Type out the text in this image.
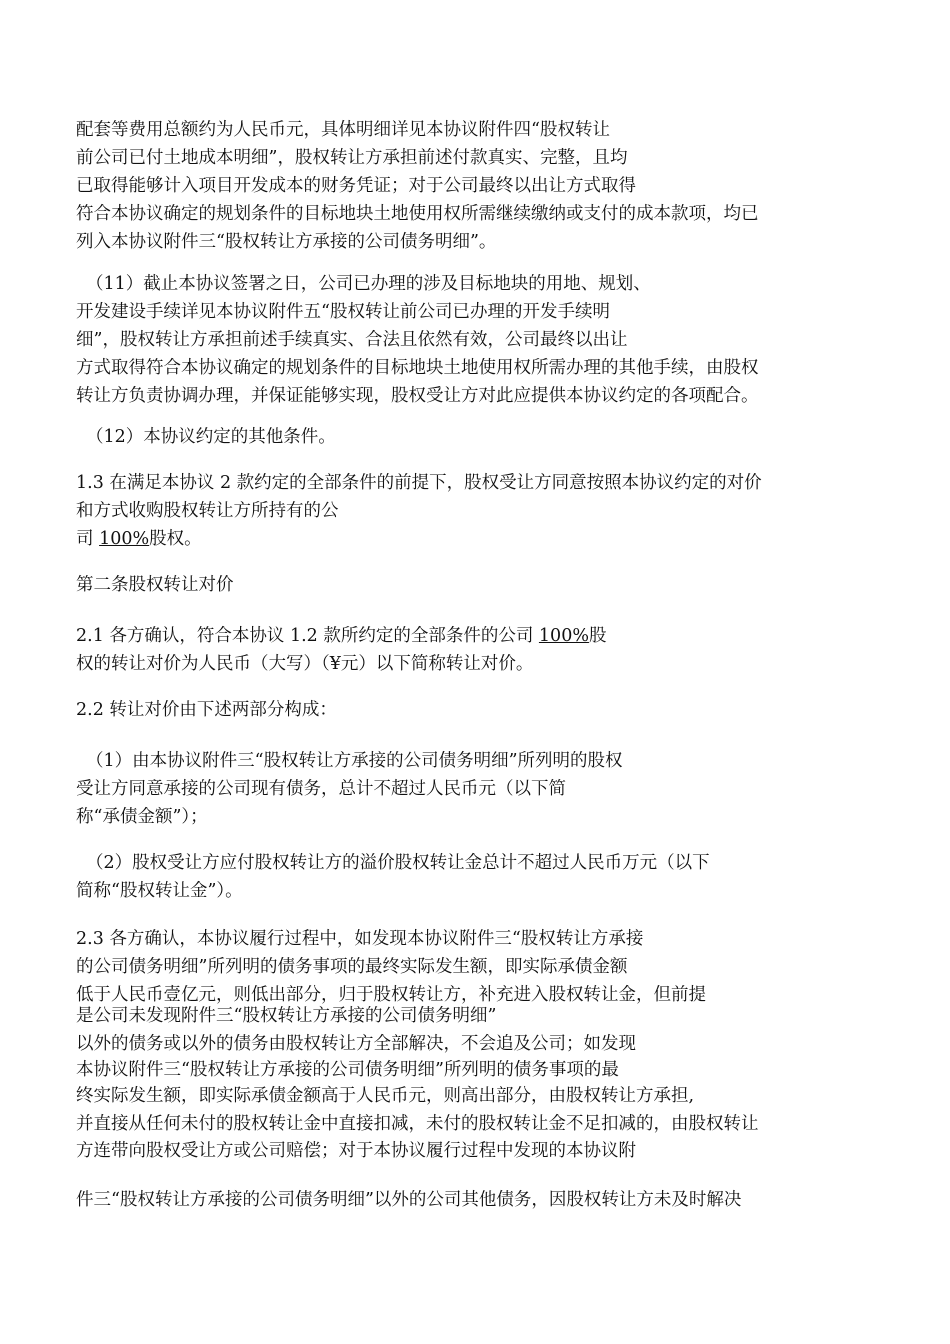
配套等费用总额约为人民币元，具体明细详见本协议附件四“股权转让
前公司已付土地成本明细”，股权转让方承担前述付款真实、完整，且均
已取得能够计入项目开发成本的财务凭证；对于公司最终以出让方式取得
符合本协议确定的规划条件的目标地块土地使用权所需继续缴纳或支付的成本款项，均已
列入本协议附件三“股权转让方承接的公司债务明细”。
（11）截止本协议签署之日，公司已办理的涉及目标地块的用地、规划、
开发建设手续详见本协议附件五“股权转让前公司已办理的开发手续明
细”，股权转让方承担前述手续真实、合法且依然有效，公司最终以出让
方式取得符合本协议确定的规划条件的目标地块土地使用权所需办理的其他手续，由股权
转让方负责协调办理，并保证能够实现，股权受让方对此应提供本协议约定的各项配合。
（12）本协议约定的其他条件。
1.3 在满足本协议 2 款约定的全部条件的前提下，股权受让方同意按照本协议约定的对价
和方式收购股权转让方所持有的公
司 100%股权。
第二条股权转让对价
2.1 各方确认，符合本协议 1.2 款所约定的全部条件的公司 100%股
权的转让对价为人民币（大写）（¥元）以下简称转让对价。
2.2 转让对价由下述两部分构成：
（1）由本协议附件三“股权转让方承接的公司债务明细”所列明的股权
受让方同意承接的公司现有债务，总计不超过人民币元（以下简
称“承债金额”）；
（2）股权受让方应付股权转让方的溢价股权转让金总计不超过人民币万元（以下
简称“股权转让金”）。
2.3 各方确认，本协议履行过程中，如发现本协议附件三“股权转让方承接
的公司债务明细”所列明的债务事项的最终实际发生额，即实际承债金额
低于人民币壹亿元，则低出部分，归于股权转让方，补充进入股权转让金，但前提
是公司未发现附件三“股权转让方承接的公司债务明细”
以外的债务或以外的债务由股权转让方全部解决，不会追及公司；如发现
本协议附件三“股权转让方承接的公司债务明细”所列明的债务事项的最
终实际发生额，即实际承债金额高于人民币元，则高出部分，由股权转让方承担,
并直接从任何未付的股权转让金中直接扣减，未付的股权转让金不足扣减的，由股权转让
方连带向股权受让方或公司赔偿；对于本协议履行过程中发现的本协议附
件三“股权转让方承接的公司债务明细”以外的公司其他债务，因股权转让方未及时解决
